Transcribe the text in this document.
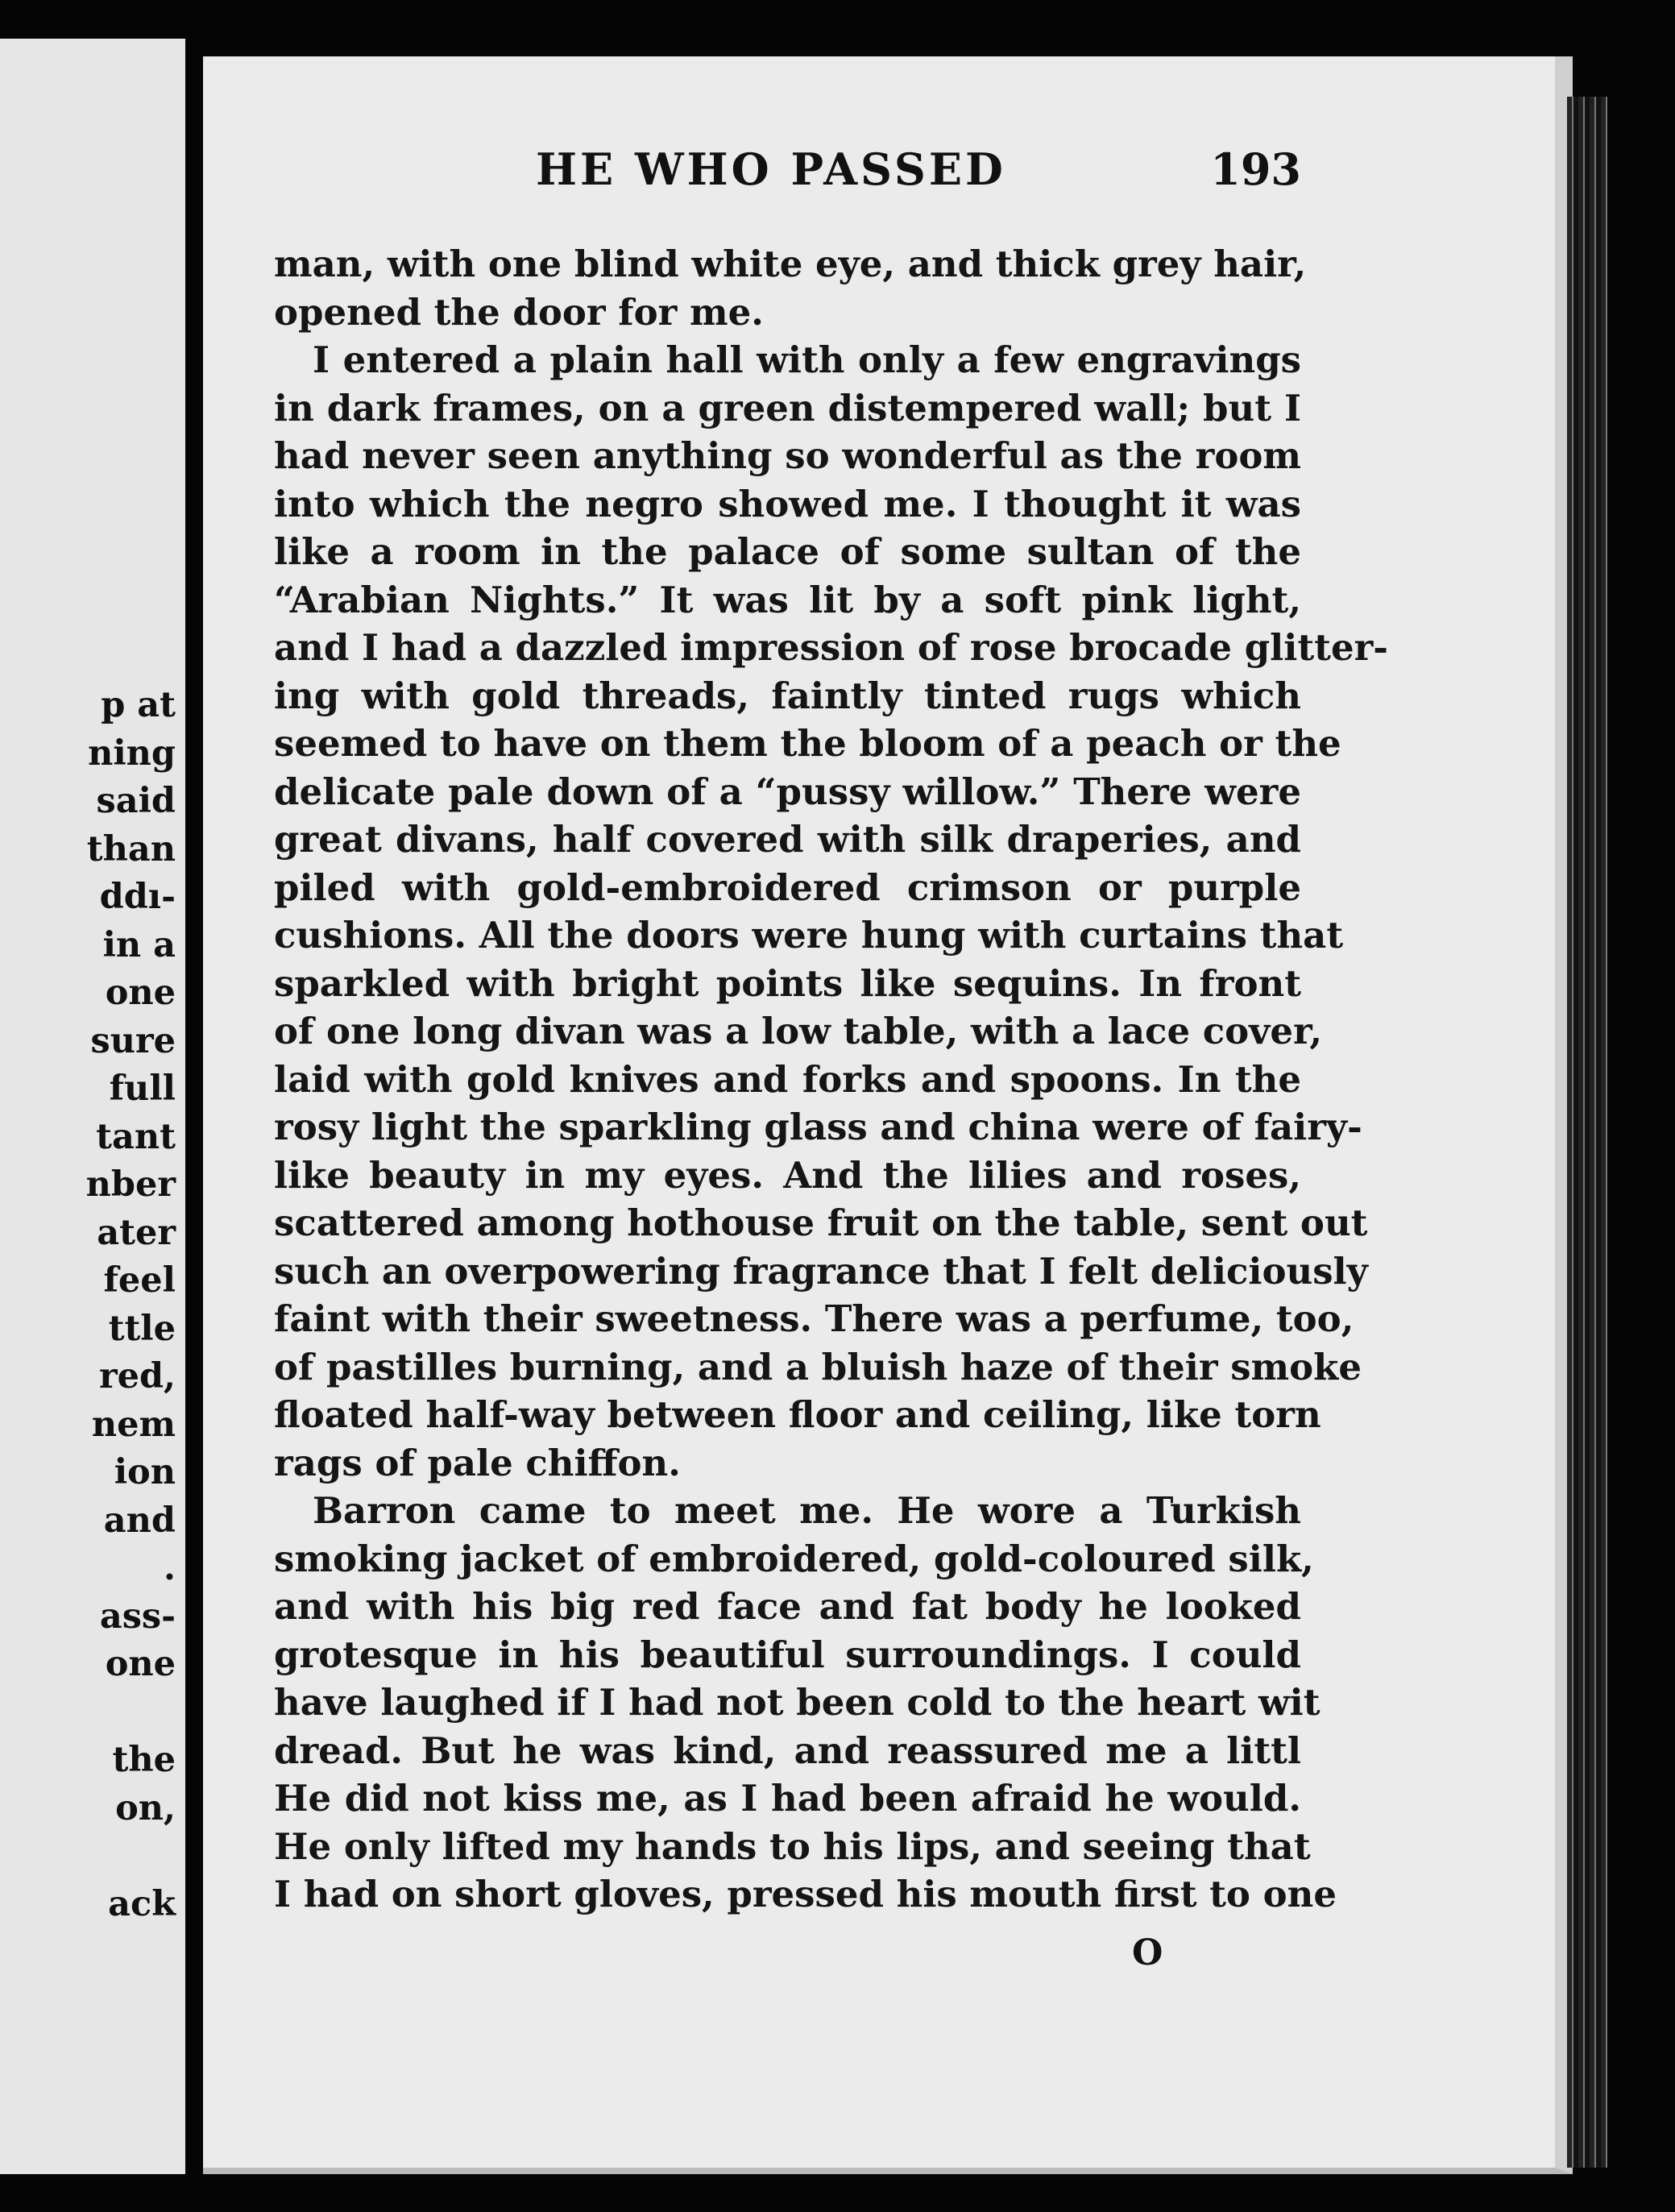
p at
ning
said
than
ddı-
in a
one
sure
full
tant
nber
ater
feel
ttle
red,
nem
ion
and
.
ass-
one
the
on,
ack
HE WHO PASSED	193
man, with one blind white eye, and thick grey hair,
opened the door for me.
I entered a plain hall with only a few engravings
in dark frames, on a green distempered wall; but I
had never seen anything so wonderful as the room
into which the negro showed me. I thought it was
like a room in the palace of some sultan of the
“Arabian Nights.” It was lit by a soft pink light,
and I had a dazzled impression of rose brocade glitter-
ing with gold threads, faintly tinted rugs which
seemed to have on them the bloom of a peach or the
delicate pale down of a “pussy willow.” There were
great divans, half covered with silk draperies, and
piled with gold-embroidered crimson or purple
cushions. All the doors were hung with curtains that
sparkled with bright points like sequins. In front
of one long divan was a low table, with a lace cover,
laid with gold knives and forks and spoons. In the
rosy light the sparkling glass and china were of fairy-
like beauty in my eyes. And the lilies and roses,
scattered among hothouse fruit on the table, sent out
such an overpowering fragrance that I felt deliciously
faint with their sweetness. There was a perfume, too,
of pastilles burning, and a bluish haze of their smoke
floated half-way between floor and ceiling, like torn
rags of pale chiffon.
Barron came to meet me. He wore a Turkish
smoking jacket of embroidered, gold-coloured silk,
and with his big red face and fat body he looked
grotesque in his beautiful surroundings. I could
have laughed if I had not been cold to the heart wit
dread. But he was kind, and reassured me a littl
He did not kiss me, as I had been afraid he would.
He only lifted my hands to his lips, and seeing that
I had on short gloves, pressed his mouth first to one
O
